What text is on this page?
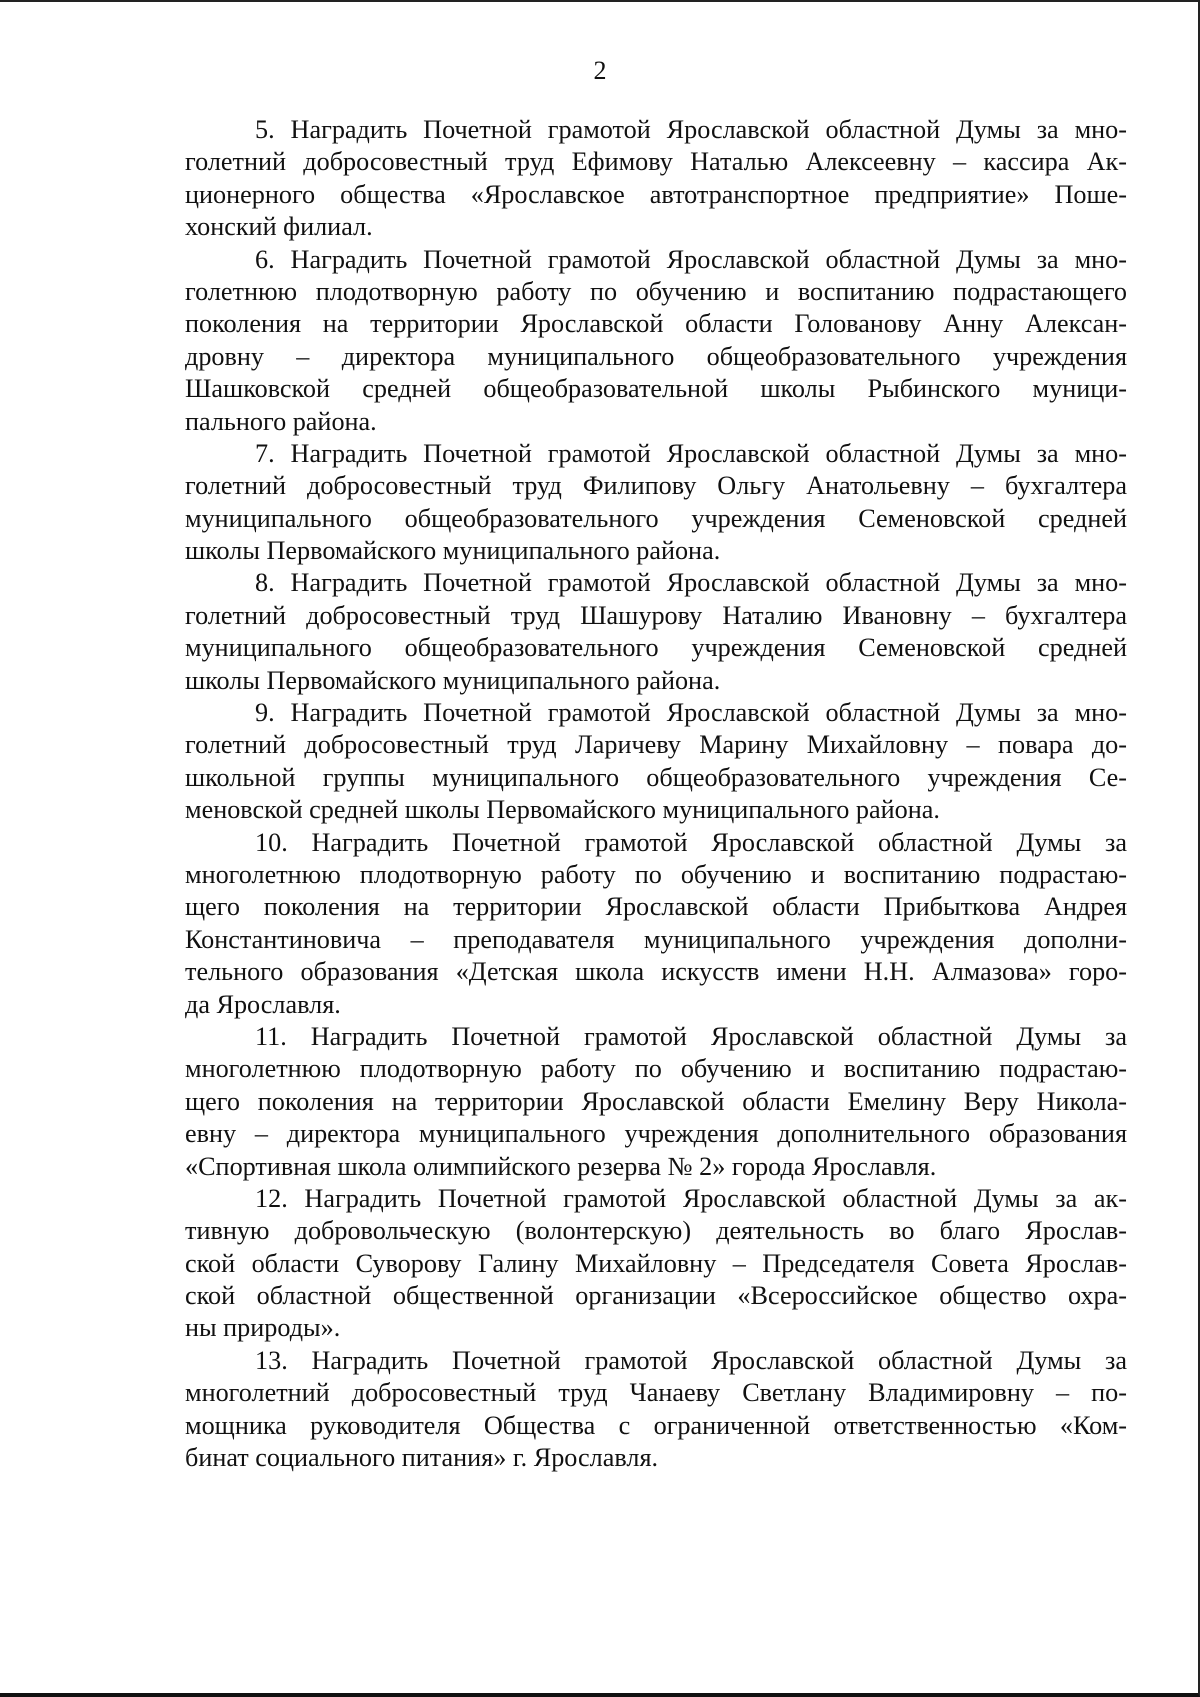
2
5. Наградить Почетной грамотой Ярославской областной Думы за мно-
голетний добросовестный труд Ефимову Наталью Алексеевну – кассира Ак-
ционерного общества «Ярославское автотранспортное предприятие» Поше-
хонский филиал.
6. Наградить Почетной грамотой Ярославской областной Думы за мно-
голетнюю плодотворную работу по обучению и воспитанию подрастающего
поколения на территории Ярославской области Голованову Анну Алексан-
дровну – директора муниципального общеобразовательного учреждения
Шашковской средней общеобразовательной школы Рыбинского муници-
пального района.
7. Наградить Почетной грамотой Ярославской областной Думы за мно-
голетний добросовестный труд Филипову Ольгу Анатольевну – бухгалтера
муниципального общеобразовательного учреждения Семеновской средней
школы Первомайского муниципального района.
8. Наградить Почетной грамотой Ярославской областной Думы за мно-
голетний добросовестный труд Шашурову Наталию Ивановну – бухгалтера
муниципального общеобразовательного учреждения Семеновской средней
школы Первомайского муниципального района.
9. Наградить Почетной грамотой Ярославской областной Думы за мно-
голетний добросовестный труд Ларичеву Марину Михайловну – повара до-
школьной группы муниципального общеобразовательного учреждения Се-
меновской средней школы Первомайского муниципального района.
10. Наградить Почетной грамотой Ярославской областной Думы за
многолетнюю плодотворную работу по обучению и воспитанию подрастаю-
щего поколения на территории Ярославской области Прибыткова Андрея
Константиновича – преподавателя муниципального учреждения дополни-
тельного образования «Детская школа искусств имени Н.Н. Алмазова» горо-
да Ярославля.
11. Наградить Почетной грамотой Ярославской областной Думы за
многолетнюю плодотворную работу по обучению и воспитанию подрастаю-
щего поколения на территории Ярославской области Емелину Веру Никола-
евну – директора муниципального учреждения дополнительного образования
«Спортивная школа олимпийского резерва № 2» города Ярославля.
12. Наградить Почетной грамотой Ярославской областной Думы за ак-
тивную добровольческую (волонтерскую) деятельность во благо Ярослав-
ской области Суворову Галину Михайловну – Председателя Совета Ярослав-
ской областной общественной организации «Всероссийское общество охра-
ны природы».
13. Наградить Почетной грамотой Ярославской областной Думы за
многолетний добросовестный труд Чанаеву Светлану Владимировну – по-
мощника руководителя Общества с ограниченной ответственностью «Ком-
бинат социального питания» г. Ярославля.
